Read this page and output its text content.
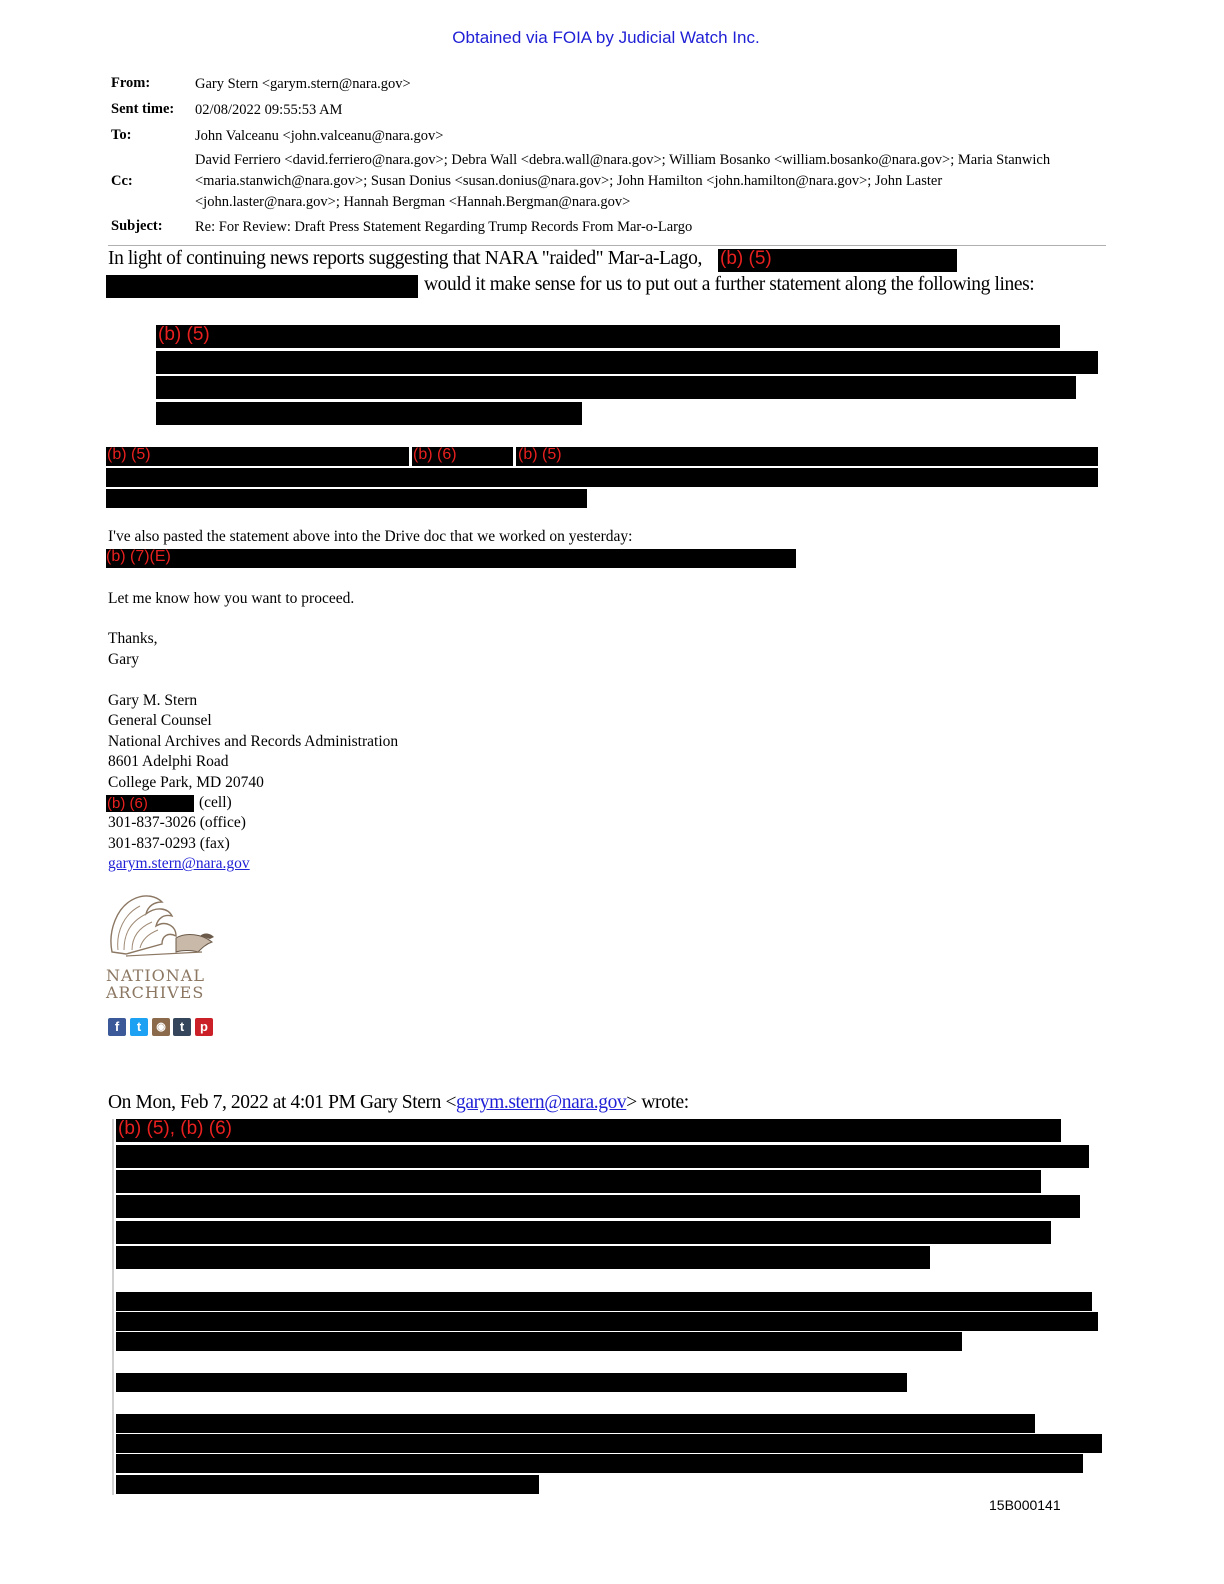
Obtained via FOIA by Judicial Watch Inc.
From:	Gary Stern <garym.stern@nara.gov>
Sent time: 02/08/2022 09:55:53 AM
To:	John Valceanu <john.valceanu@nara.gov>
Cc:
David Ferriero <david.ferriero@nara.gov>; Debra Wall <debra.wall@nara.gov>; William Bosanko <william.bosanko@nara.gov>; Maria Stanwich
<maria.stanwich@nara.gov>; Susan Donius <susan.donius@nara.gov>; John Hamilton <john.hamilton@nara.gov>; John Laster
<john.laster@nara.gov>; Hannah Bergman <Hannah.Bergman@nara.gov>
Subject: Re: For Review: Draft Press Statement Regarding Trump Records From Mar-o-Largo
In light of continuing news reports suggesting that NARA "raided" Mar-a-Lago, (b) (5)
would it make sense for us to put out a further statement along the following lines:
(b) (5)
(b) (5)	(b) (6)	(b) (5)
I've also pasted the statement above into the Drive doc that we worked on yesterday:
(b) (7)(E)
Let me know how you want to proceed.
Thanks,
Gary
Gary M. Stern
General Counsel
National Archives and Records Administration
8601 Adelphi Road
College Park, MD 20740
(b) (6)	(cell)
301-837-3026 (office)
301-837-0293 (fax)
garym.stern@nara.gov
NATIONAL
ARCHIVES
f	t	◉	t	p
On Mon, Feb 7, 2022 at 4:01 PM Gary Stern <garym.stern@nara.gov> wrote:
(b) (5), (b) (6)
15B000141
